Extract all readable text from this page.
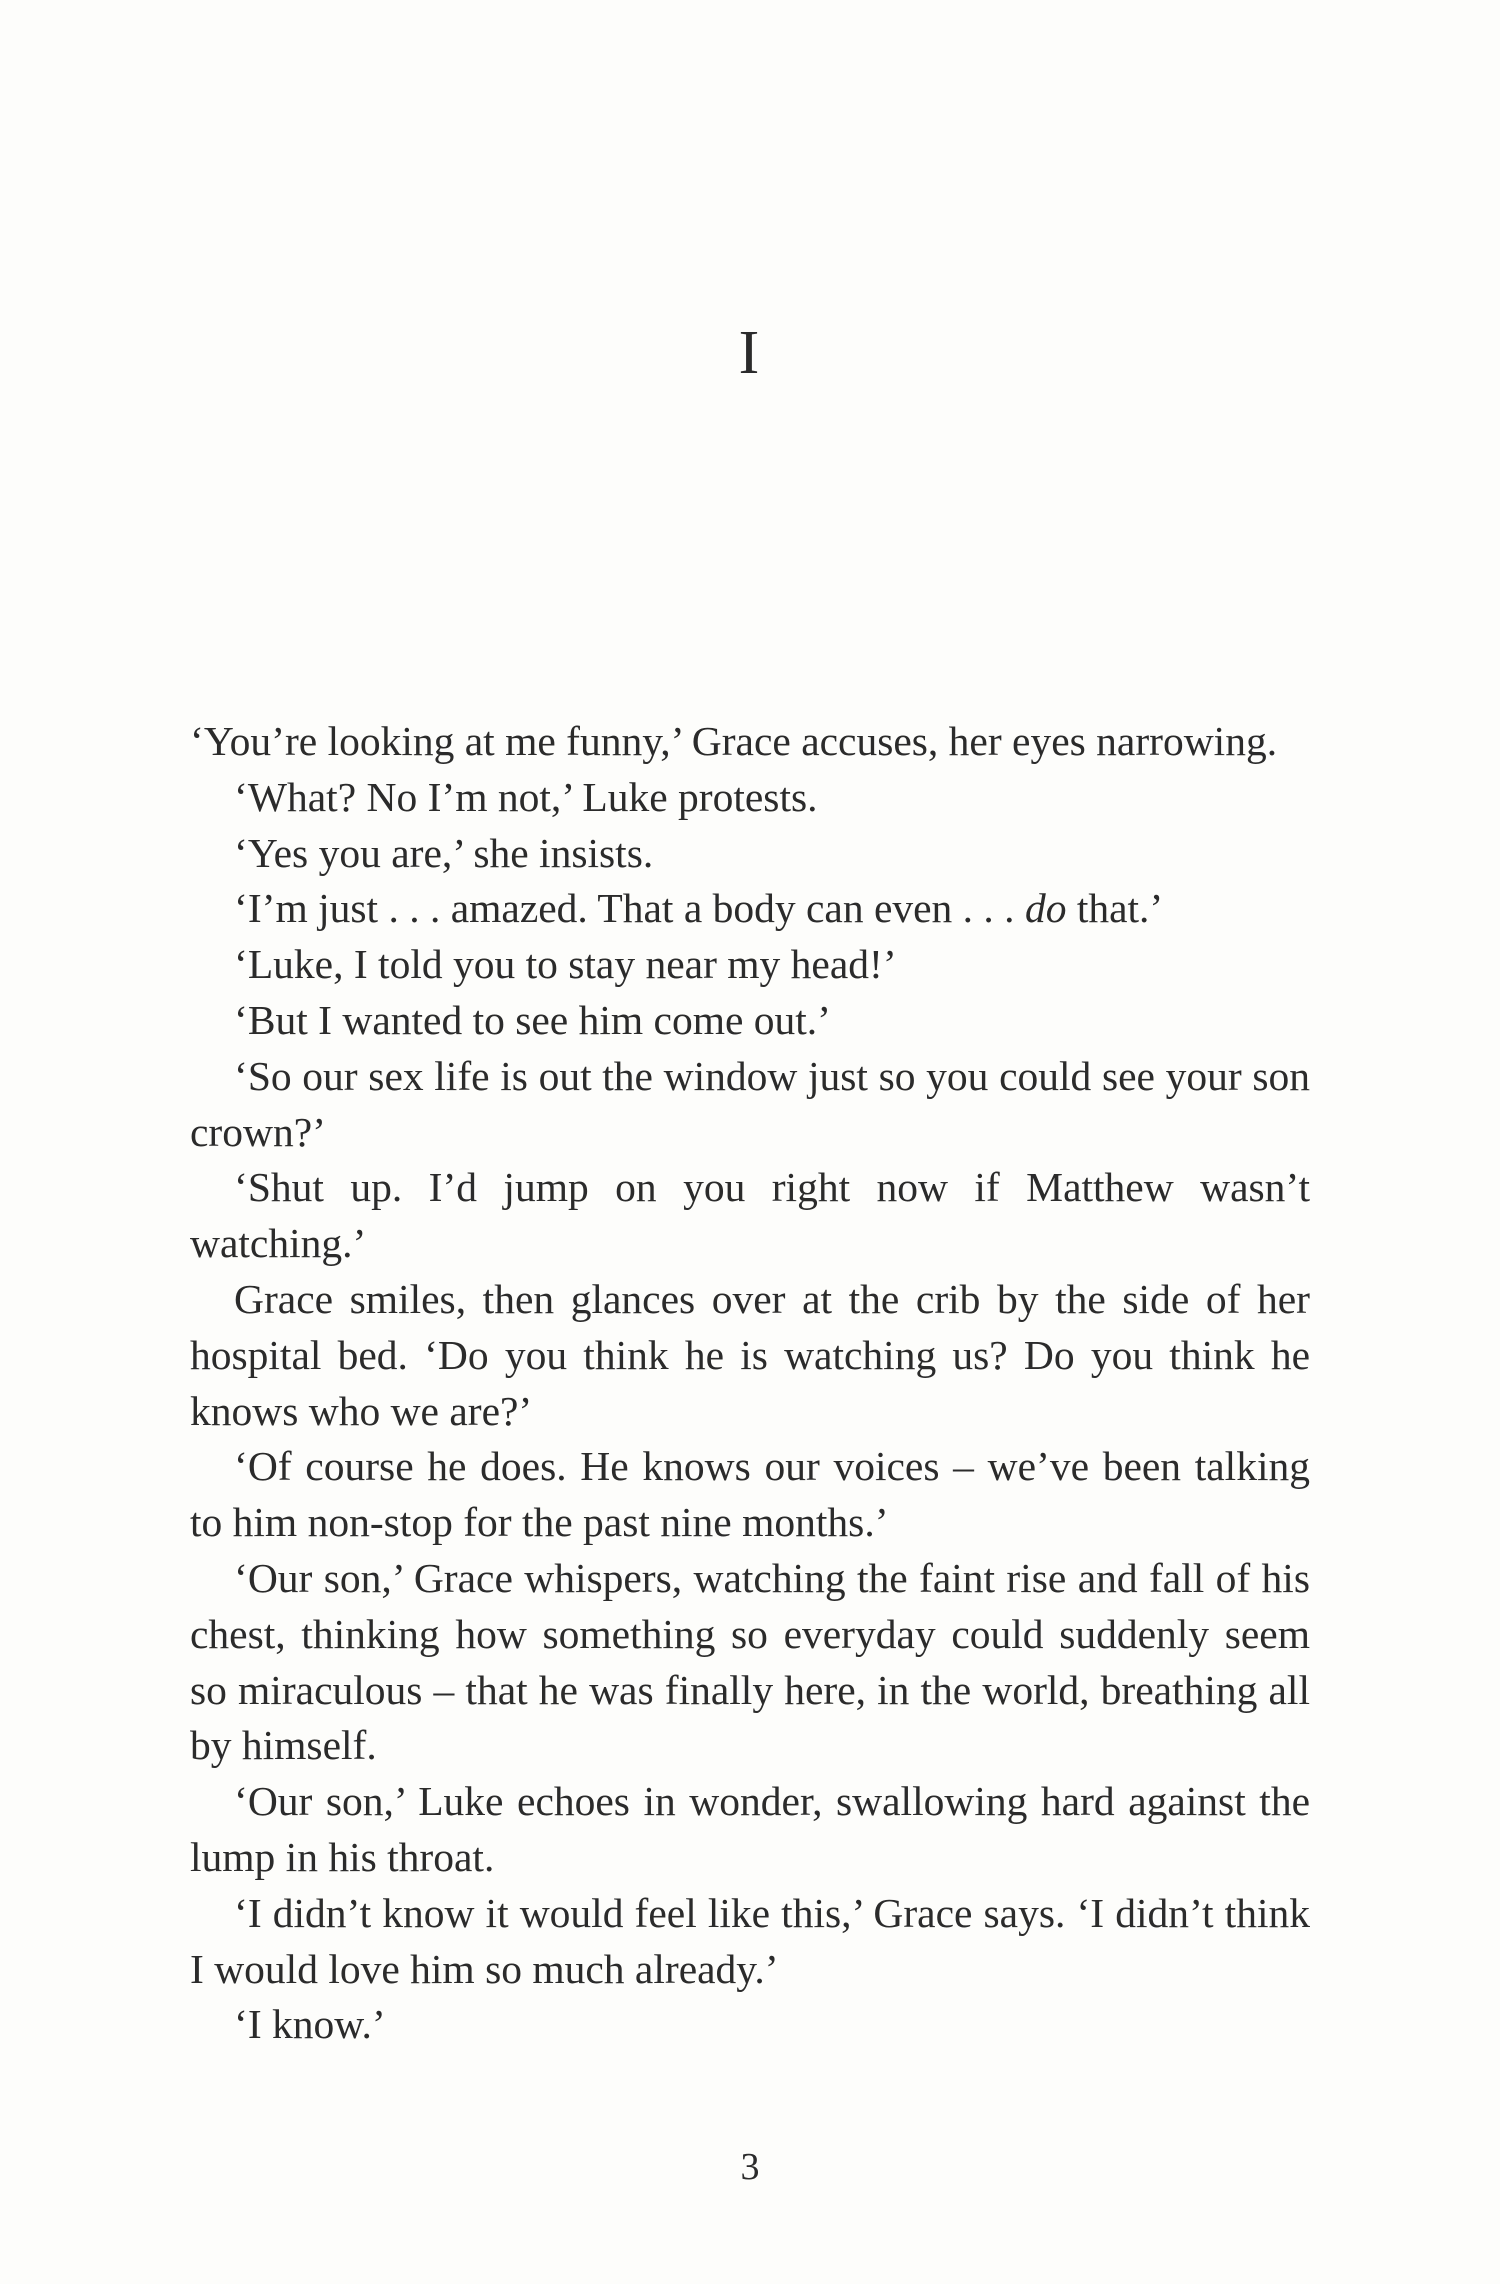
I

‘You’re looking at me funny,’ Grace accuses, her eyes narrowing.

‘What? No I’m not,’ Luke protests.

‘Yes you are,’ she insists.

‘I’m just . . . amazed. That a body can even . . . do that.’

‘Luke, I told you to stay near my head!’

‘But I wanted to see him come out.’

‘So our sex life is out the window just so you could see your son crown?’

‘Shut up. I’d jump on you right now if Matthew wasn’t watching.’

Grace smiles, then glances over at the crib by the side of her hospital bed. ‘Do you think he is watching us? Do you think he knows who we are?’

‘Of course he does. He knows our voices – we’ve been talking to him non-stop for the past nine months.’

‘Our son,’ Grace whispers, watching the faint rise and fall of his chest, thinking how something so everyday could suddenly seem so miraculous – that he was finally here, in the world, breathing all by himself.

‘Our son,’ Luke echoes in wonder, swallowing hard against the lump in his throat.

‘I didn’t know it would feel like this,’ Grace says. ‘I didn’t think I would love him so much already.’

‘I know.’

3
